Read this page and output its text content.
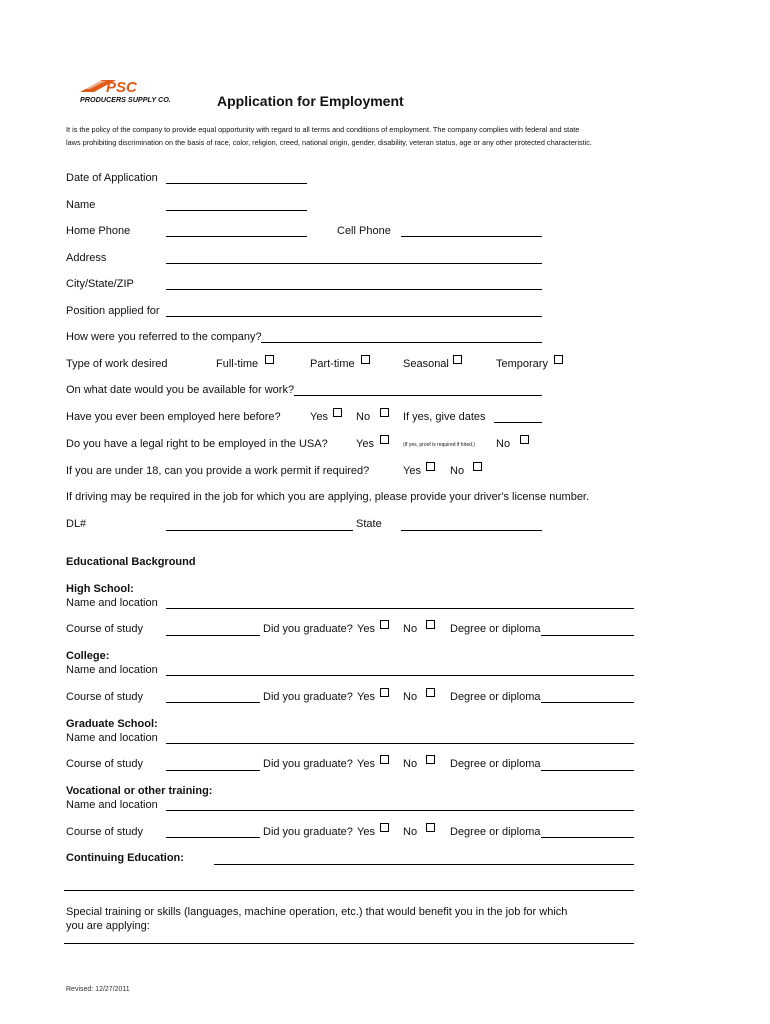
PSC
PRODUCERS SUPPLY CO.	Application for Employment
It is the policy of the company to provide equal opportunity with regard to all terms and conditions of employment. The company complies with federal and state
laws prohibiting discrimination on the basis of race, color, religion, creed, national origin, gender, disability, veteran status, age or any other protected characteristic.
Date of Application
Name
Home Phone	Cell Phone
Address
City/State/ZIP
Position applied for
How were you referred to the company?
Type of work desired	Full-time	Part-time	Seasonal	Temporary
On what date would you be available for work?
Have you ever been employed here before?	Yes	No	If yes, give dates
Do you have a legal right to be employed in the USA?	Yes	(If yes, proof is required if hired.) No
If you are under 18, can you provide a work permit if required?	Yes	No
If driving may be required in the job for which you are applying, please provide your driver's license number.
DL#	State
Educational Background
High School:
Name and location
Course of study	Did you graduate? Yes	No	Degree or diploma
College:
Name and location
Course of study	Did you graduate? Yes	No	Degree or diploma
Graduate School:
Name and location
Course of study	Did you graduate? Yes	No	Degree or diploma
Vocational or other training:
Name and location
Course of study	Did you graduate? Yes	No	Degree or diploma
Continuing Education:
Special training or skills (languages, machine operation, etc.) that would benefit you in the job for which
you are applying:
Revised: 12/27/2011
